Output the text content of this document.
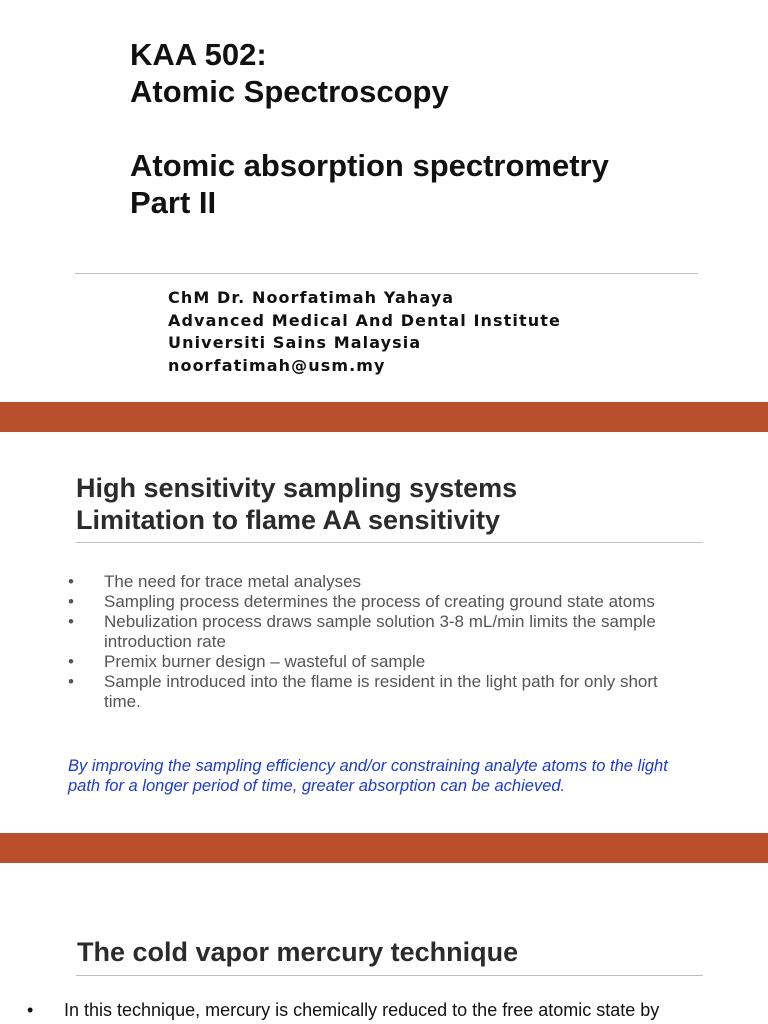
KAA 502:
Atomic Spectroscopy
Atomic absorption spectrometry
Part II
ChM Dr. Noorfatimah Yahaya
Advanced Medical And Dental Institute
Universiti Sains Malaysia
noorfatimah@usm.my
High sensitivity sampling systems
Limitation to flame AA sensitivity
• The need for trace metal analyses
• Sampling process determines the process of creating ground state atoms
• Nebulization process draws sample solution 3-8 mL/min limits the sample introduction rate
• Premix burner design – wasteful of sample
• Sample introduced into the flame is resident in the light path for only short time.

By improving the sampling efficiency and/or constraining analyte atoms to the light path for a longer period of time, greater absorption can be achieved.

The cold vapor mercury technique
• In this technique, mercury is chemically reduced to the free atomic state by
